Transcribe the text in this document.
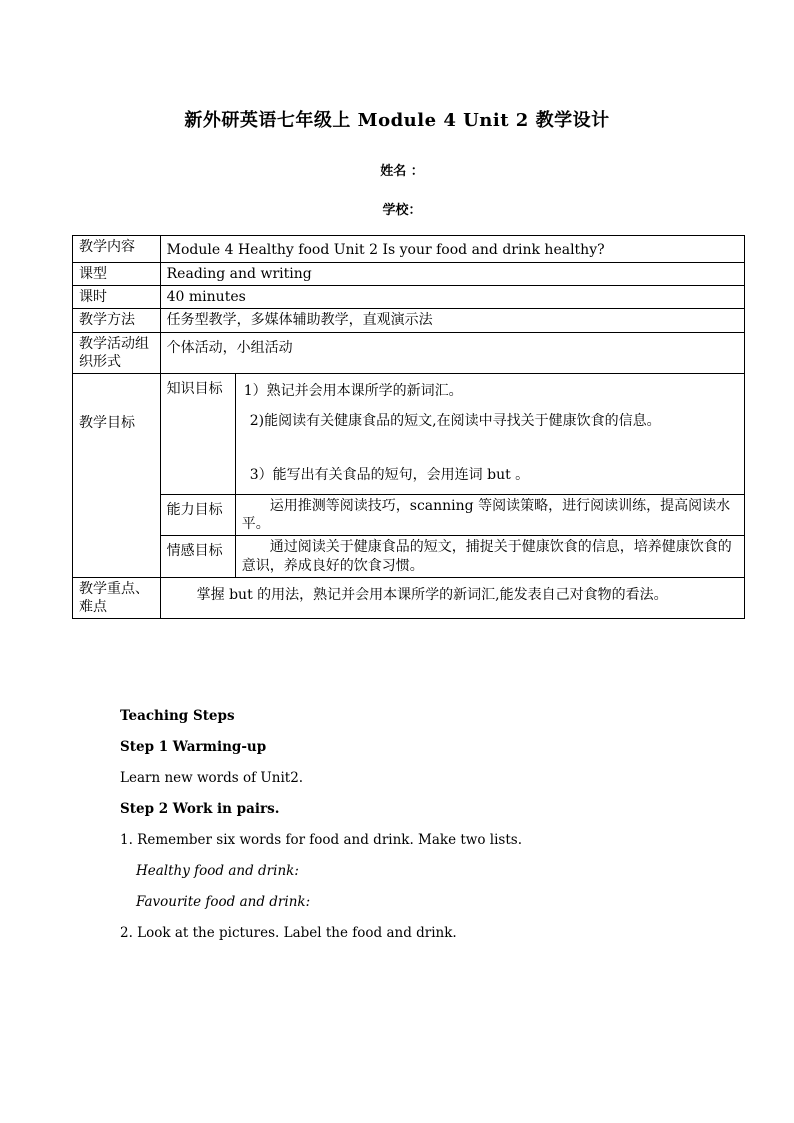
新外研英语七年级上 Module 4 Unit 2 教学设计
姓名 ：
学校：
教学内容	Module 4 Healthy food Unit 2 Is your food and drink healthy?	
课型	Reading and writing	
课时	40 minutes	
教学方法	任务型教学，多媒体辅助教学，直观演示法	
教学活动组织形式	个体活动，小组活动	
教学目标	知识目标	1）熟记并会用本课所学的新词汇。
2)能阅读有关健康食品的短文,在阅读中寻找关于健康饮食的信息。
3）能写出有关食品的短句，会用连词 but 。

	能力目标	运用推测等阅读技巧，scanning 等阅读策略，进行阅读训练，提高阅读水平。
	情感目标	通过阅读关于健康食品的短文，捕捉关于健康饮食的信息，培养健康饮食的意识，养成良好的饮食习惯。
教学重点、难点	掌握 but 的用法，熟记并会用本课所学的新词汇,能发表自己对食物的看法。	
Teaching Steps
Step 1 Warming-up
Learn new words of Unit2.
Step 2 Work in pairs.
1. Remember six words for food and drink. Make two lists.
Healthy food and drink:
Favourite food and drink:
2. Look at the pictures. Label the food and drink.
